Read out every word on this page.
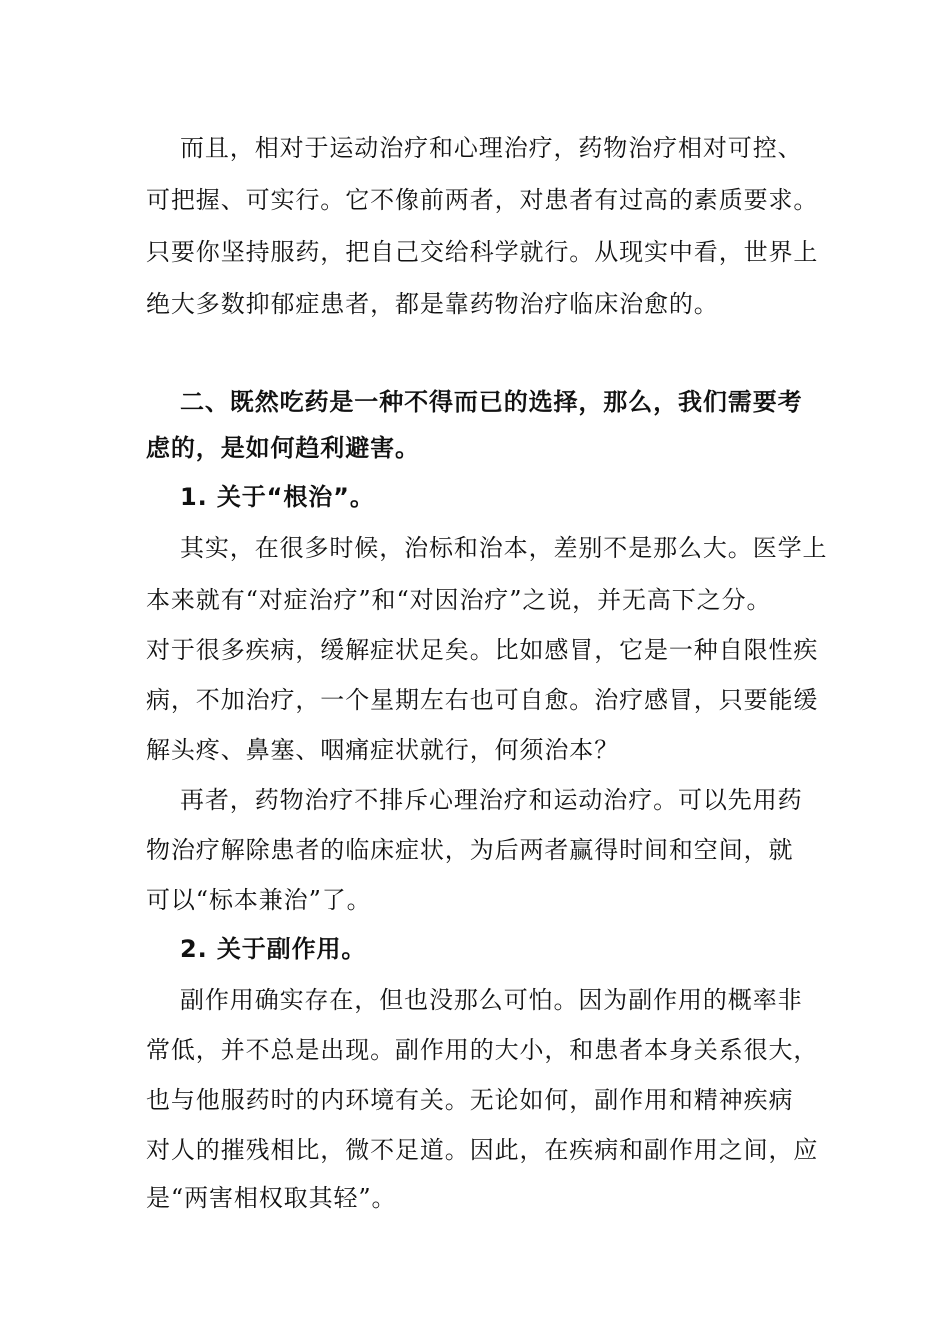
而且，相对于运动治疗和心理治疗，药物治疗相对可控、
可把握、可实行。它不像前两者，对患者有过高的素质要求。
只要你坚持服药，把自己交给科学就行。从现实中看，世界上
绝大多数抑郁症患者，都是靠药物治疗临床治愈的。
二、既然吃药是一种不得而已的选择，那么，我们需要考
虑的，是如何趋利避害。
1. 关于“根治”。
其实，在很多时候，治标和治本，差别不是那么大。医学上
本来就有“对症治疗”和“对因治疗”之说，并无高下之分。
对于很多疾病，缓解症状足矣。比如感冒，它是一种自限性疾
病，不加治疗，一个星期左右也可自愈。治疗感冒，只要能缓
解头疼、鼻塞、咽痛症状就行，何须治本？
再者，药物治疗不排斥心理治疗和运动治疗。可以先用药
物治疗解除患者的临床症状，为后两者赢得时间和空间，就
可以“标本兼治”了。
2. 关于副作用。
副作用确实存在，但也没那么可怕。因为副作用的概率非
常低，并不总是出现。副作用的大小，和患者本身关系很大，
也与他服药时的内环境有关。无论如何，副作用和精神疾病
对人的摧残相比，微不足道。因此，在疾病和副作用之间，应
是“两害相权取其轻”。
